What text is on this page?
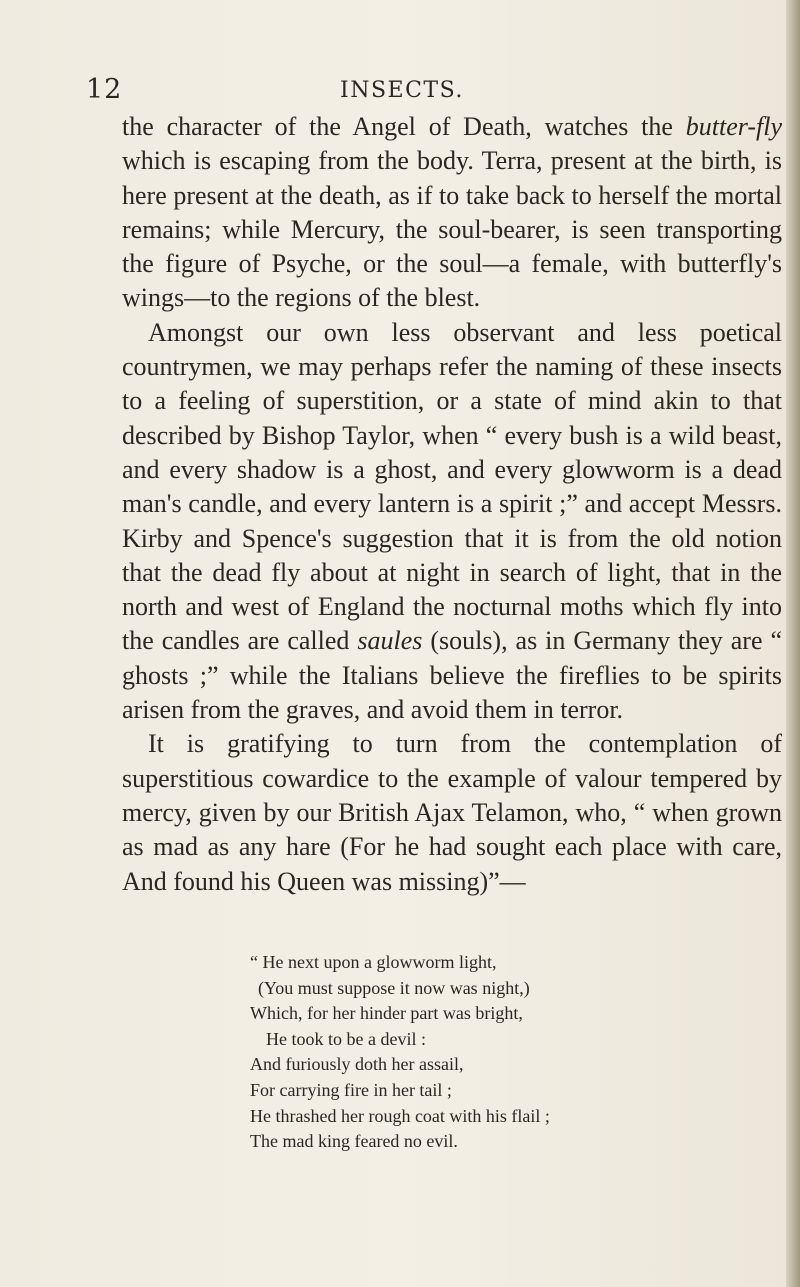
12	INSECTS.

the character of the Angel of Death, watches the butter-fly which is escaping from the body. Terra, present at the birth, is here present at the death, as if to take back to herself the mortal remains; while Mercury, the soul-bearer, is seen transporting the figure of Psyche, or the soul—a female, with butterfly's wings—to the regions of the blest.

Amongst our own less observant and less poetical countrymen, we may perhaps refer the naming of these insects to a feeling of superstition, or a state of mind akin to that described by Bishop Taylor, when “ every bush is a wild beast, and every shadow is a ghost, and every glowworm is a dead man's candle, and every lantern is a spirit ;” and accept Messrs. Kirby and Spence's suggestion that it is from the old notion that the dead fly about at night in search of light, that in the north and west of England the nocturnal moths which fly into the candles are called saules (souls), as in Germany they are “ ghosts ;” while the Italians believe the fireflies to be spirits arisen from the graves, and avoid them in terror.

It is gratifying to turn from the contemplation of superstitious cowardice to the example of valour tempered by mercy, given by our British Ajax Telamon, who, “ when grown as mad as any hare (For he had sought each place with care, And found his Queen was missing)”—

“ He next upon a glowworm light,
(You must suppose it now was night,)
Which, for her hinder part was bright,
He took to be a devil :
And furiously doth her assail,
For carrying fire in her tail ;
He thrashed her rough coat with his flail ;
The mad king feared no evil.
